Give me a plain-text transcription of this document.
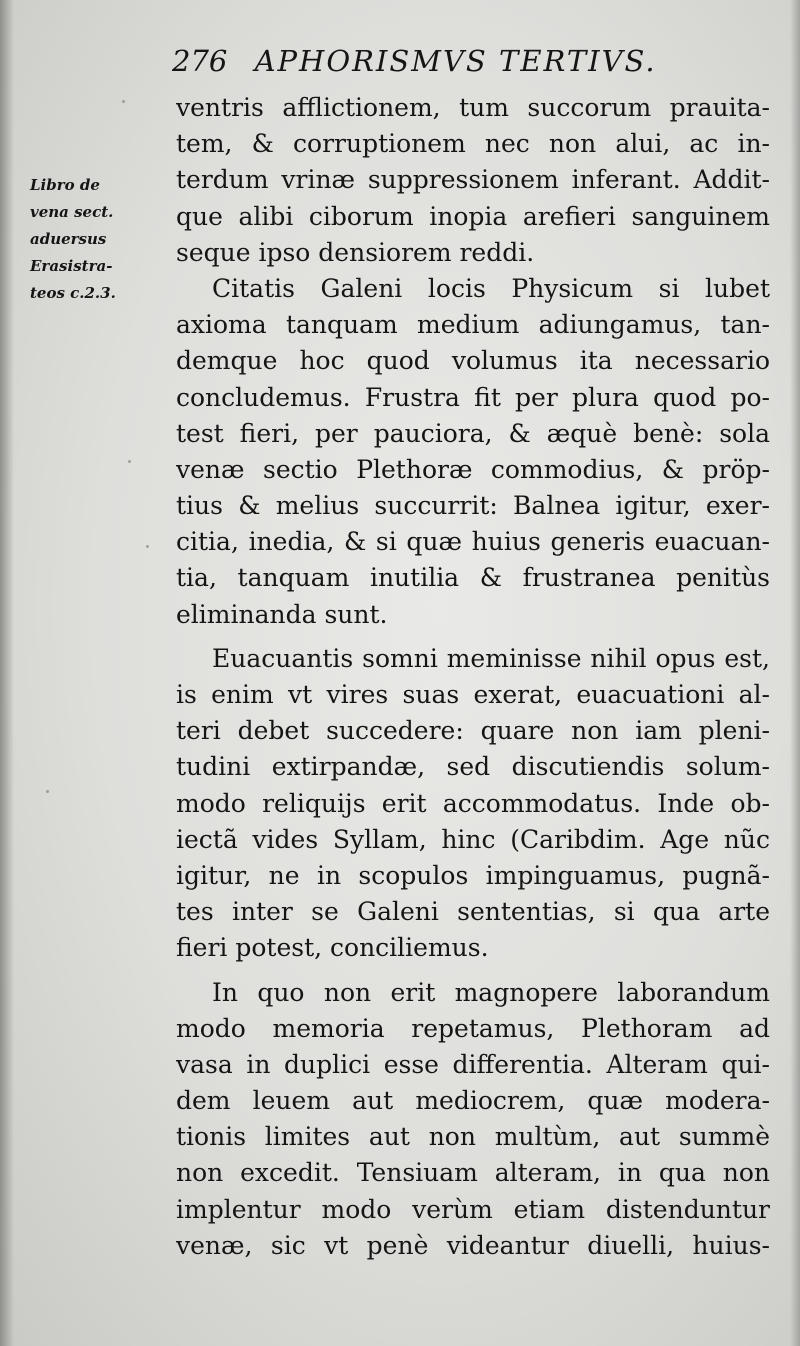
276 APHORISMVS TERTIVS.
Libro de
vena sect.
aduersus
Erasistra-
teos c.2.3.
ventris afflictionem, tum succorum prauita-
tem, & corruptionem nec non alui, ac in-
terdum vrinæ suppressionem inferant. Addit-
que alibi ciborum inopia arefieri sanguinem
seque ipso densiorem reddi.
Citatis Galeni locis Physicum si lubet
axioma tanquam medium adiungamus, tan-
demque hoc quod volumus ita necessario
concludemus. Frustra fit per plura quod po-
test fieri, per pauciora, & æquè benè: sola
venæ sectio Plethoræ commodius, & pröp-
tius & melius succurrit: Balnea igitur, exer-
citia, inedia, & si quæ huius generis euacuan-
tia, tanquam inutilia & frustranea penitùs
eliminanda sunt.
Euacuantis somni meminisse nihil opus est,
is enim vt vires suas exerat, euacuationi al-
teri debet succedere: quare non iam pleni-
tudini extirpandæ, sed discutiendis solum-
modo reliquijs erit accommodatus. Inde ob-
iectã vides Syllam, hinc (Caribdim. Age nũc
igitur, ne in scopulos impinguamus, pugnã-
tes inter se Galeni sententias, si qua arte
fieri potest, conciliemus.
In quo non erit magnopere laborandum
modo memoria repetamus, Plethoram ad
vasa in duplici esse differentia. Alteram qui-
dem leuem aut mediocrem, quæ modera-
tionis limites aut non multùm, aut summè
non excedit. Tensiuam alteram, in qua non
implentur modo verùm etiam distenduntur
venæ, sic vt penè videantur diuelli, huius-
